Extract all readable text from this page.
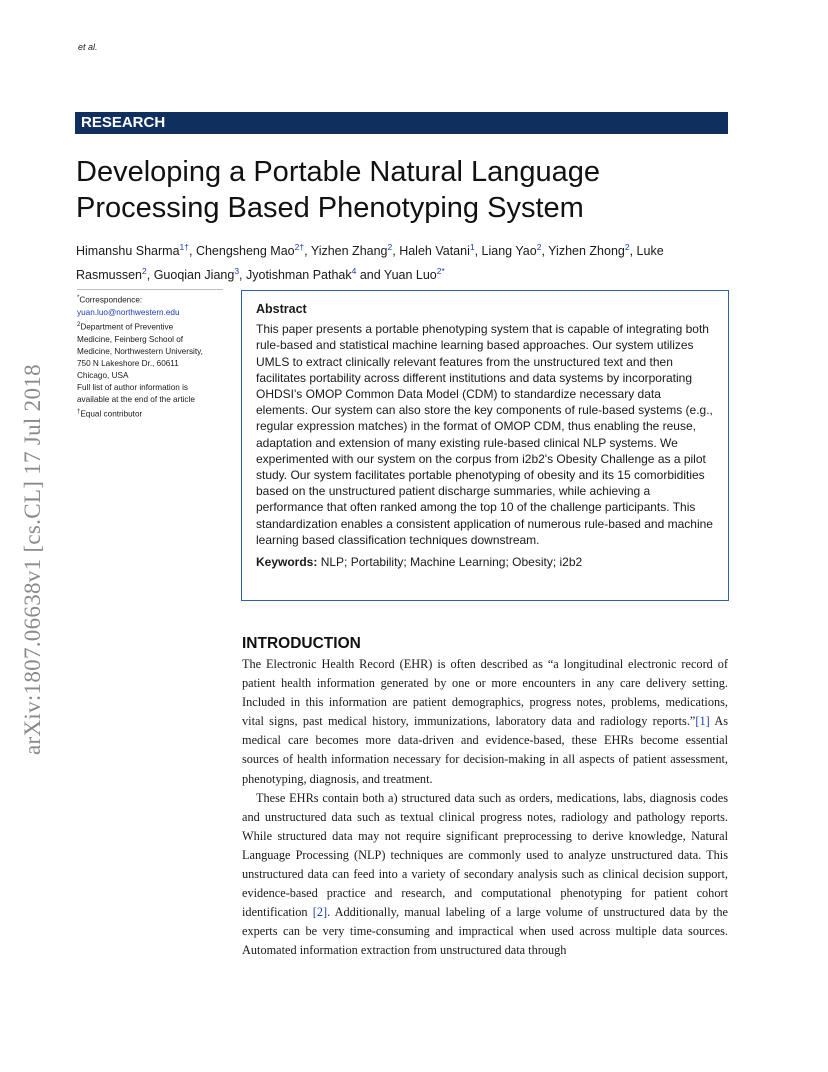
et al.
RESEARCH
Developing a Portable Natural Language
Processing Based Phenotyping System
Himanshu Sharma$^{1\dagger}$, Chengsheng Mao$^{2\dagger}$, Yizhen Zhang$^2$, Haleh Vatani$^1$, Liang Yao$^2$, Yizhen Zhong$^2$, Luke Rasmussen$^2$, Guoqian Jiang$^3$, Jyotishman Pathak$^4$ and Yuan Luo$^{2*}$
*Correspondence:
yuan.luo@northwestern.edu
$^2$Department of Preventive
Medicine, Feinberg School of
Medicine, Northwestern University,
750 N Lakeshore Dr., 60611
Chicago, USA
Full list of author information is
available at the end of the article
†Equal contributor
Abstract
This paper presents a portable phenotyping system that is capable of integrating both rule-based and statistical machine learning based approaches. Our system utilizes UMLS to extract clinically relevant features from the unstructured text and then facilitates portability across different institutions and data systems by incorporating OHDSI's OMOP Common Data Model (CDM) to standardize necessary data elements. Our system can also store the key components of rule-based systems (e.g., regular expression matches) in the format of OMOP CDM, thus enabling the reuse, adaptation and extension of many existing rule-based clinical NLP systems. We experimented with our system on the corpus from i2b2's Obesity Challenge as a pilot study. Our system facilitates portable phenotyping of obesity and its 15 comorbidities based on the unstructured patient discharge summaries, while achieving a performance that often ranked among the top 10 of the challenge participants. This standardization enables a consistent application of numerous rule-based and machine learning based classification techniques downstream.
Keywords: NLP; Portability; Machine Learning; Obesity; i2b2
arXiv:1807.06638v1 [cs.CL] 17 Jul 2018	INTRODUCTION

The Electronic Health Record (EHR) is often described as “a longitudinal electronic record of patient health information generated by one or more encounters in any care delivery setting. Included in this information are patient demographics, progress notes, problems, medications, vital signs, past medical history, immunizations, laboratory data and radiology reports.”[1] As medical care becomes more data-driven and evidence-based, these EHRs become essential sources of health information necessary for decision-making in all aspects of patient assessment, phenotyping, diagnosis, and treatment.

These EHRs contain both a) structured data such as orders, medications, labs, diagnosis codes and unstructured data such as textual clinical progress notes, radiology and pathology reports. While structured data may not require significant preprocessing to derive knowledge, Natural Language Processing (NLP) techniques are commonly used to analyze unstructured data. This unstructured data can feed into a variety of secondary analysis such as clinical decision support, evidence-based practice and research, and computational phenotyping for patient cohort identification [2]. Additionally, manual labeling of a large volume of unstructured data by the experts can be very time-consuming and impractical when used across multiple data sources. Automated information extraction from unstructured data through
